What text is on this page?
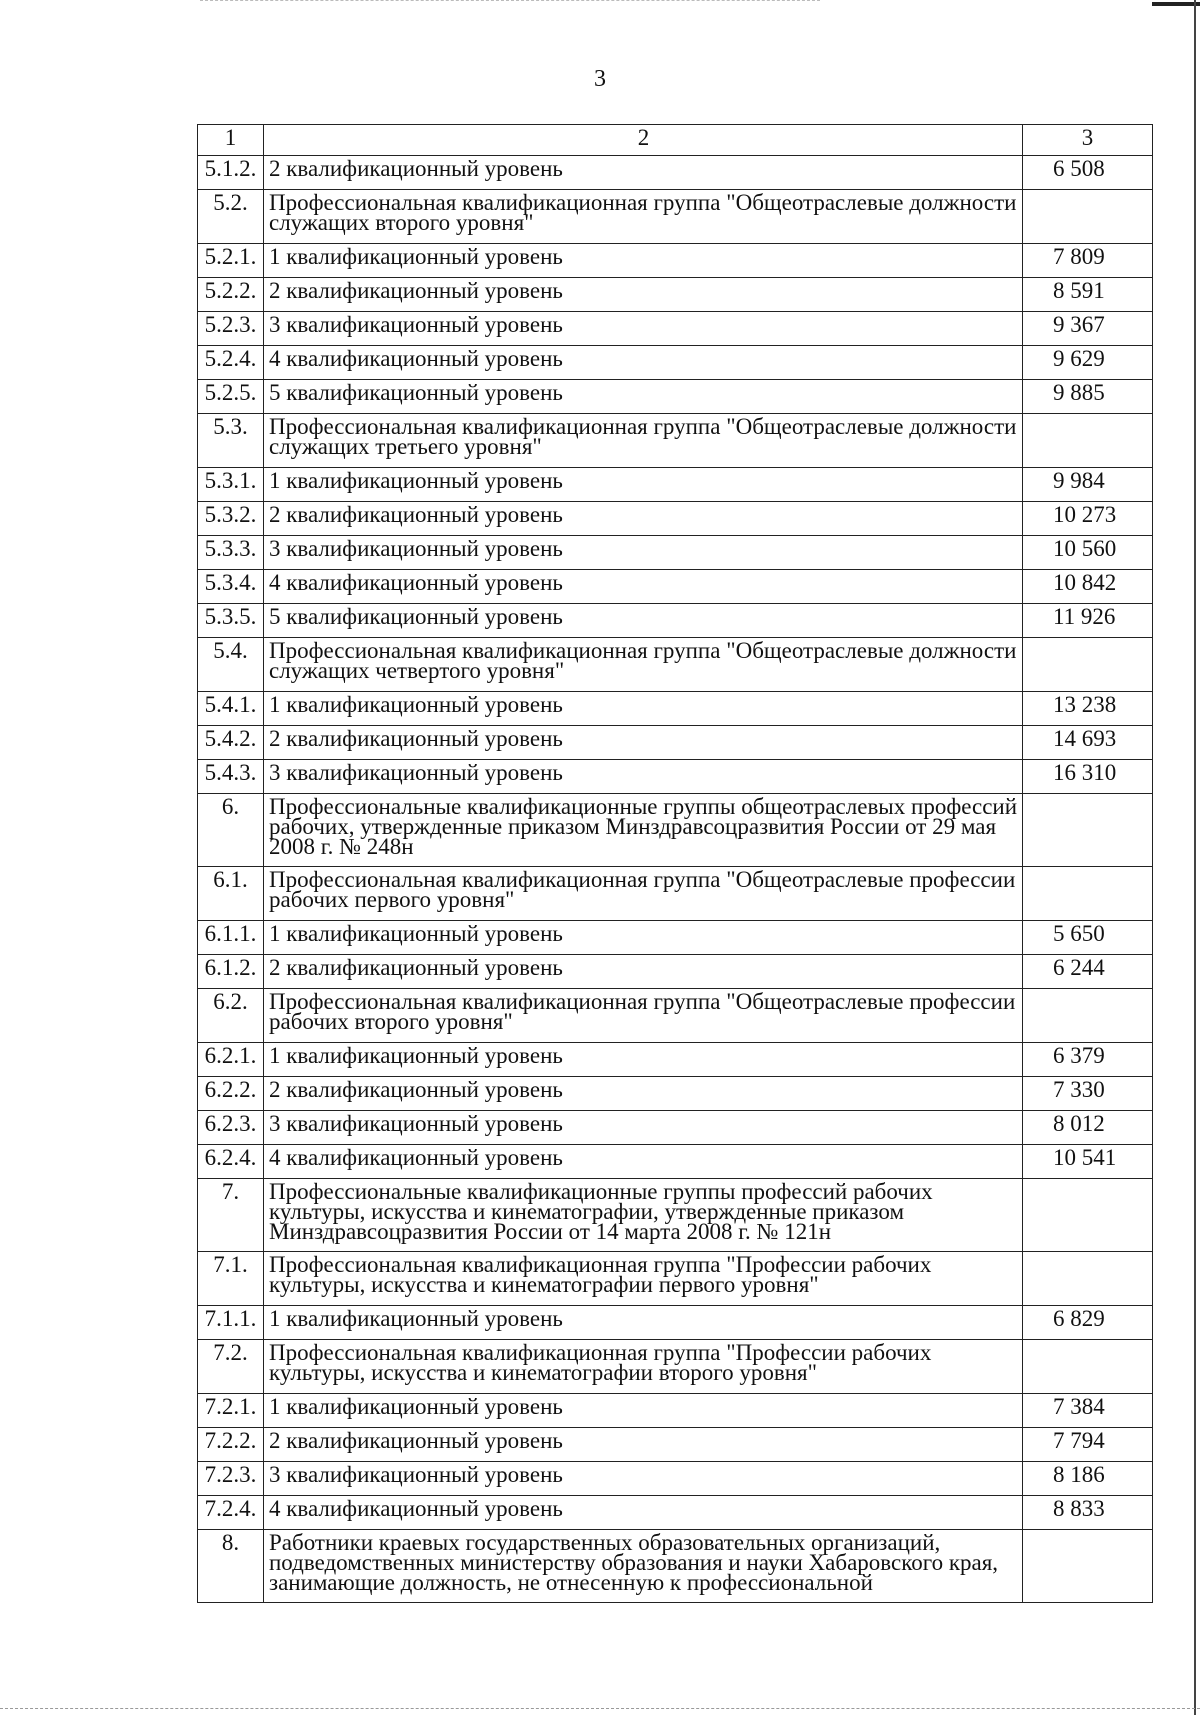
3
1	2	3
5.1.2.	2 квалификационный уровень	6 508
5.2.	Профессиональная квалификационная группа "Общеотраслевые должности служащих второго уровня"	
5.2.1.	1 квалификационный уровень	7 809
5.2.2.	2 квалификационный уровень	8 591
5.2.3.	3 квалификационный уровень	9 367
5.2.4.	4 квалификационный уровень	9 629
5.2.5.	5 квалификационный уровень	9 885
5.3.	Профессиональная квалификационная группа "Общеотраслевые должности служащих третьего уровня"	
5.3.1.	1 квалификационный уровень	9 984
5.3.2.	2 квалификационный уровень	10 273
5.3.3.	3 квалификационный уровень	10 560
5.3.4.	4 квалификационный уровень	10 842
5.3.5.	5 квалификационный уровень	11 926
5.4.	Профессиональная квалификационная группа "Общеотраслевые должности служащих четвертого уровня"	
5.4.1.	1 квалификационный уровень	13 238
5.4.2.	2 квалификационный уровень	14 693
5.4.3.	3 квалификационный уровень	16 310
6.	Профессиональные квалификационные группы общеотраслевых профессий рабочих, утвержденные приказом Минздравсоцразвития России от 29 мая 2008 г. № 248н	
6.1.	Профессиональная квалификационная группа "Общеотраслевые профессии рабочих первого уровня"	
6.1.1.	1 квалификационный уровень	5 650
6.1.2.	2 квалификационный уровень	6 244
6.2.	Профессиональная квалификационная группа "Общеотраслевые профессии рабочих второго уровня"	
6.2.1.	1 квалификационный уровень	6 379
6.2.2.	2 квалификационный уровень	7 330
6.2.3.	3 квалификационный уровень	8 012
6.2.4.	4 квалификационный уровень	10 541
7.	Профессиональные квалификационные группы профессий рабочих культуры, искусства и кинематографии, утвержденные приказом Минздравсоцразвития России от 14 марта 2008 г. № 121н	
7.1.	Профессиональная квалификационная группа "Профессии рабочих культуры, искусства и кинематографии первого уровня"	
7.1.1.	1 квалификационный уровень	6 829
7.2.	Профессиональная квалификационная группа "Профессии рабочих культуры, искусства и кинематографии второго уровня"	
7.2.1.	1 квалификационный уровень	7 384
7.2.2.	2 квалификационный уровень	7 794
7.2.3.	3 квалификационный уровень	8 186
7.2.4.	4 квалификационный уровень	8 833
8.	Работники краевых государственных образовательных организаций, подведомственных министерству образования и науки Хабаровского края, занимающие должность, не отнесенную к профессиональной	
